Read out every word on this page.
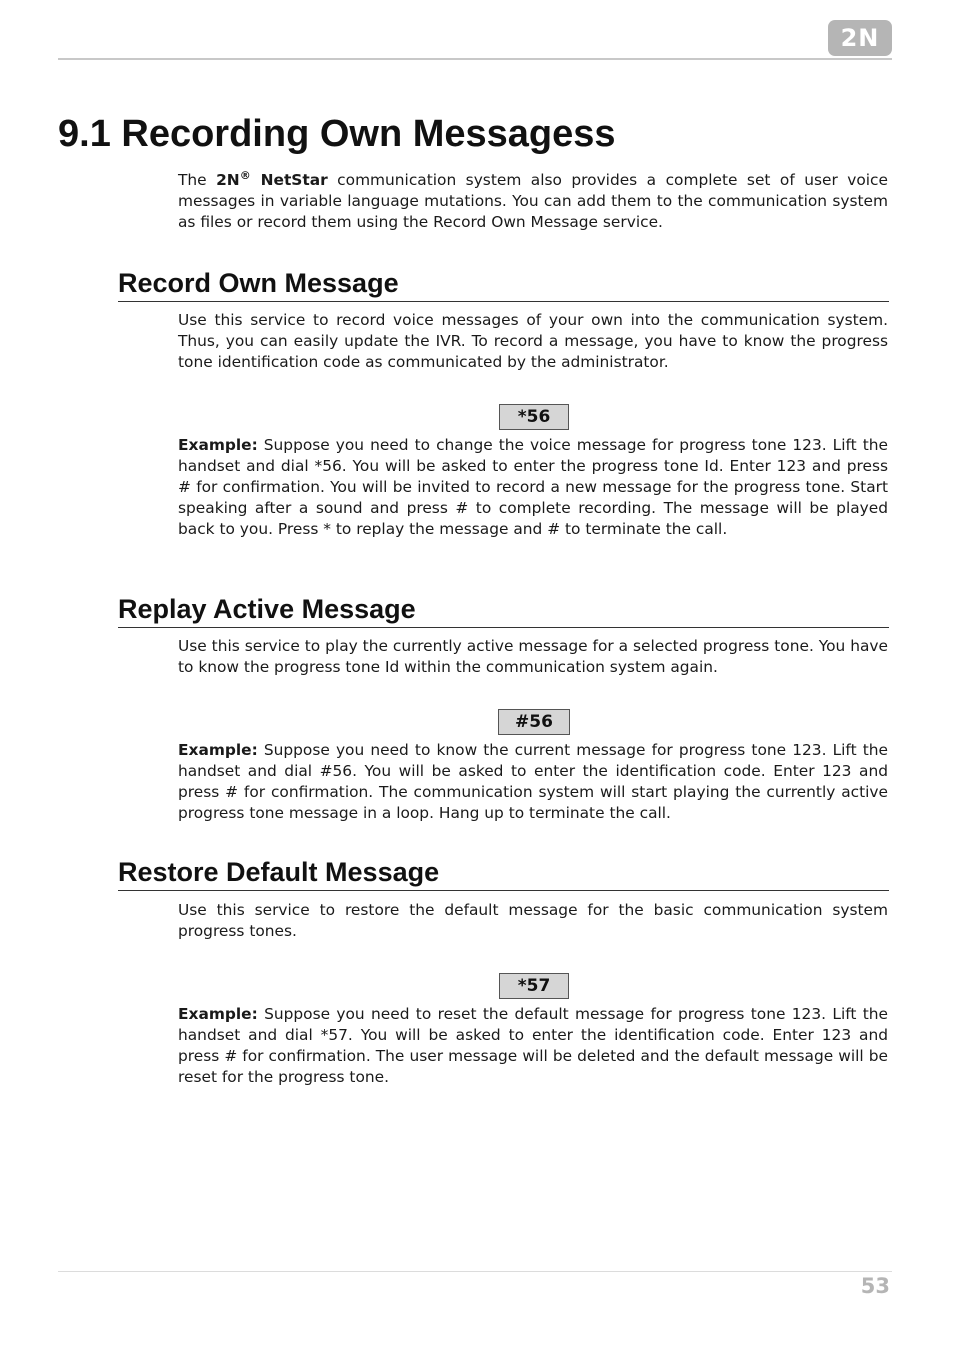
2N
9.1 Recording Own Messagess

The 2N® NetStar communication system also provides a complete set of user voice messages in variable language mutations. You can add them to the communication system as files or record them using the Record Own Message service.

Record Own Message

Use this service to record voice messages of your own into the communication system. Thus, you can easily update the IVR. To record a message, you have to know the progress tone identification code as communicated by the administrator.

*56

Example: Suppose you need to change the voice message for progress tone 123. Lift the handset and dial *56. You will be asked to enter the progress tone Id. Enter 123 and press # for confirmation. You will be invited to record a new message for the progress tone. Start speaking after a sound and press # to complete recording. The message will be played back to you. Press * to replay the message and # to terminate the call.

Replay Active Message

Use this service to play the currently active message for a selected progress tone. You have to know the progress tone Id within the communication system again.

#56

Example: Suppose you need to know the current message for progress tone 123. Lift the handset and dial #56. You will be asked to enter the identification code. Enter 123 and press # for confirmation. The communication system will start playing the currently active progress tone message in a loop. Hang up to terminate the call.

Restore Default Message

Use this service to restore the default message for the basic communication system progress tones.

*57

Example: Suppose you need to reset the default message for progress tone 123. Lift the handset and dial *57. You will be asked to enter the identification code. Enter 123 and press # for confirmation. The user message will be deleted and the default message will be reset for the progress tone.

53
